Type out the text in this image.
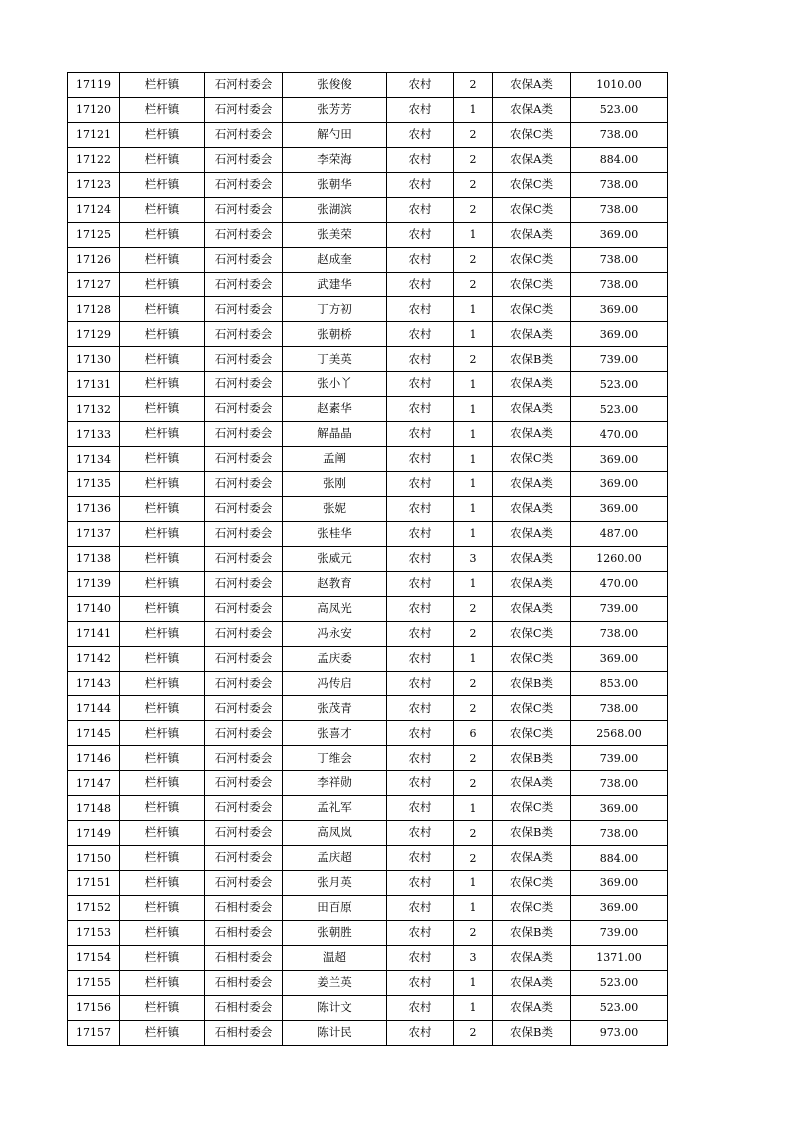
17119	栏杆镇	石河村委会	张俊俊	农村	2	农保A类	1010.00
17120	栏杆镇	石河村委会	张芳芳	农村	1	农保A类	523.00
17121	栏杆镇	石河村委会	解勺田	农村	2	农保C类	738.00
17122	栏杆镇	石河村委会	李荣海	农村	2	农保A类	884.00
17123	栏杆镇	石河村委会	张朝华	农村	2	农保C类	738.00
17124	栏杆镇	石河村委会	张湖滨	农村	2	农保C类	738.00
17125	栏杆镇	石河村委会	张美荣	农村	1	农保A类	369.00
17126	栏杆镇	石河村委会	赵成奎	农村	2	农保C类	738.00
17127	栏杆镇	石河村委会	武建华	农村	2	农保C类	738.00
17128	栏杆镇	石河村委会	丁方初	农村	1	农保C类	369.00
17129	栏杆镇	石河村委会	张朝桥	农村	1	农保A类	369.00
17130	栏杆镇	石河村委会	丁美英	农村	2	农保B类	739.00
17131	栏杆镇	石河村委会	张小丫	农村	1	农保A类	523.00
17132	栏杆镇	石河村委会	赵素华	农村	1	农保A类	523.00
17133	栏杆镇	石河村委会	解晶晶	农村	1	农保A类	470.00
17134	栏杆镇	石河村委会	孟阐	农村	1	农保C类	369.00
17135	栏杆镇	石河村委会	张刚	农村	1	农保A类	369.00
17136	栏杆镇	石河村委会	张妮	农村	1	农保A类	369.00
17137	栏杆镇	石河村委会	张桂华	农村	1	农保A类	487.00
17138	栏杆镇	石河村委会	张威元	农村	3	农保A类	1260.00
17139	栏杆镇	石河村委会	赵教育	农村	1	农保A类	470.00
17140	栏杆镇	石河村委会	高凤光	农村	2	农保A类	739.00
17141	栏杆镇	石河村委会	冯永安	农村	2	农保C类	738.00
17142	栏杆镇	石河村委会	孟庆委	农村	1	农保C类	369.00
17143	栏杆镇	石河村委会	冯传启	农村	2	农保B类	853.00
17144	栏杆镇	石河村委会	张茂青	农村	2	农保C类	738.00
17145	栏杆镇	石河村委会	张喜才	农村	6	农保C类	2568.00
17146	栏杆镇	石河村委会	丁维会	农村	2	农保B类	739.00
17147	栏杆镇	石河村委会	李祥勋	农村	2	农保A类	738.00
17148	栏杆镇	石河村委会	孟礼军	农村	1	农保C类	369.00
17149	栏杆镇	石河村委会	高凤岚	农村	2	农保B类	738.00
17150	栏杆镇	石河村委会	孟庆超	农村	2	农保A类	884.00
17151	栏杆镇	石河村委会	张月英	农村	1	农保C类	369.00
17152	栏杆镇	石相村委会	田百原	农村	1	农保C类	369.00
17153	栏杆镇	石相村委会	张朝胜	农村	2	农保B类	739.00
17154	栏杆镇	石相村委会	温超	农村	3	农保A类	1371.00
17155	栏杆镇	石相村委会	姜兰英	农村	1	农保A类	523.00
17156	栏杆镇	石相村委会	陈计文	农村	1	农保A类	523.00
17157	栏杆镇	石相村委会	陈计民	农村	2	农保B类	973.00
